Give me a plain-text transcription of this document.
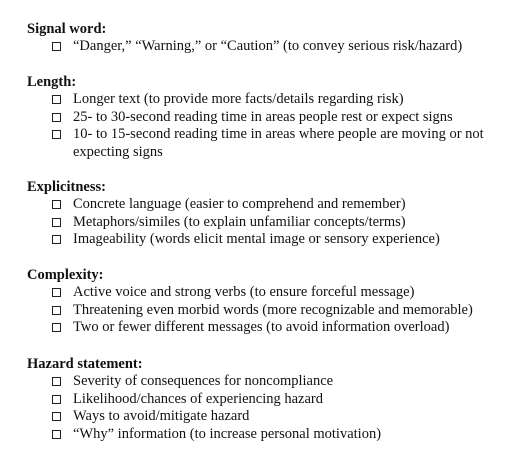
Signal word:
“Danger,” “Warning,” or “Caution” (to convey serious risk/hazard)
Length:
Longer text (to provide more facts/details regarding risk)
25- to 30-second reading time in areas people rest or expect signs
10- to 15-second reading time in areas where people are moving or not expecting signs
Explicitness:
Concrete language (easier to comprehend and remember)
Metaphors/similes (to explain unfamiliar concepts/terms)
Imageability (words elicit mental image or sensory experience)
Complexity:
Active voice and strong verbs (to ensure forceful message)
Threatening even morbid words (more recognizable and memorable)
Two or fewer different messages (to avoid information overload)
Hazard statement:
Severity of consequences for noncompliance
Likelihood/chances of experiencing hazard
Ways to avoid/mitigate hazard
“Why” information (to increase personal motivation)
